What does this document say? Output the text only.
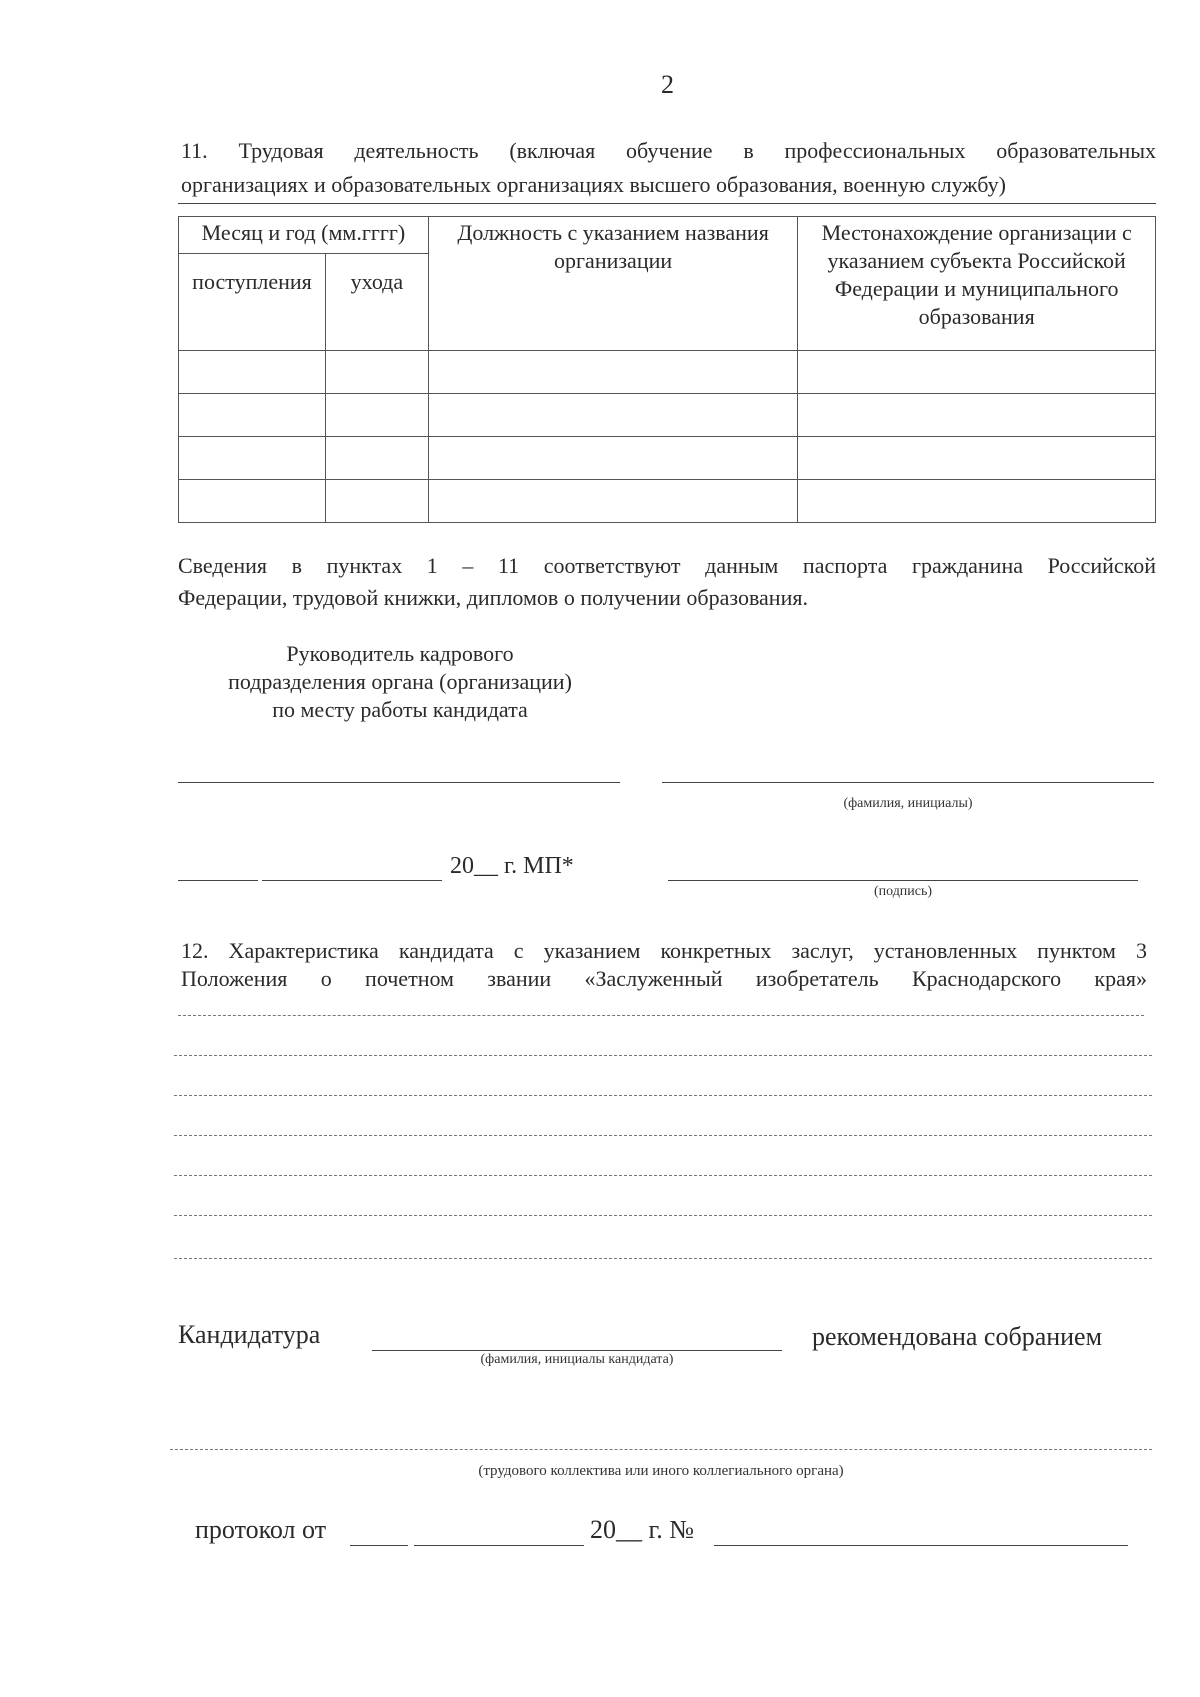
2
11. Трудовая деятельность (включая обучение в профессиональных образовательных
организациях и образовательных организациях высшего образования, военную службу)
Месяц и год (мм.гггг)		Должность с указанием названия организации	Местонахождение организации с указанием субъекта Российской Федерации и муниципального образования
поступления	ухода		

Сведения в пунктах 1 – 11 соответствуют данным паспорта гражданина Российской
Федерации, трудовой книжки, дипломов о получении образования.
Руководитель кадрового
подразделения органа (организации)
по месту работы кандидата
(фамилия, инициалы)
20__ г. МП*
(подпись)
12. Характеристика кандидата с указанием конкретных заслуг, установленных пунктом 3
Положения о почетном звании «Заслуженный изобретатель Краснодарского края»
Кандидатура
(фамилия, инициалы кандидата)
рекомендована собранием
(трудового коллектива или иного коллегиального органа)
протокол от	20__ г. №
